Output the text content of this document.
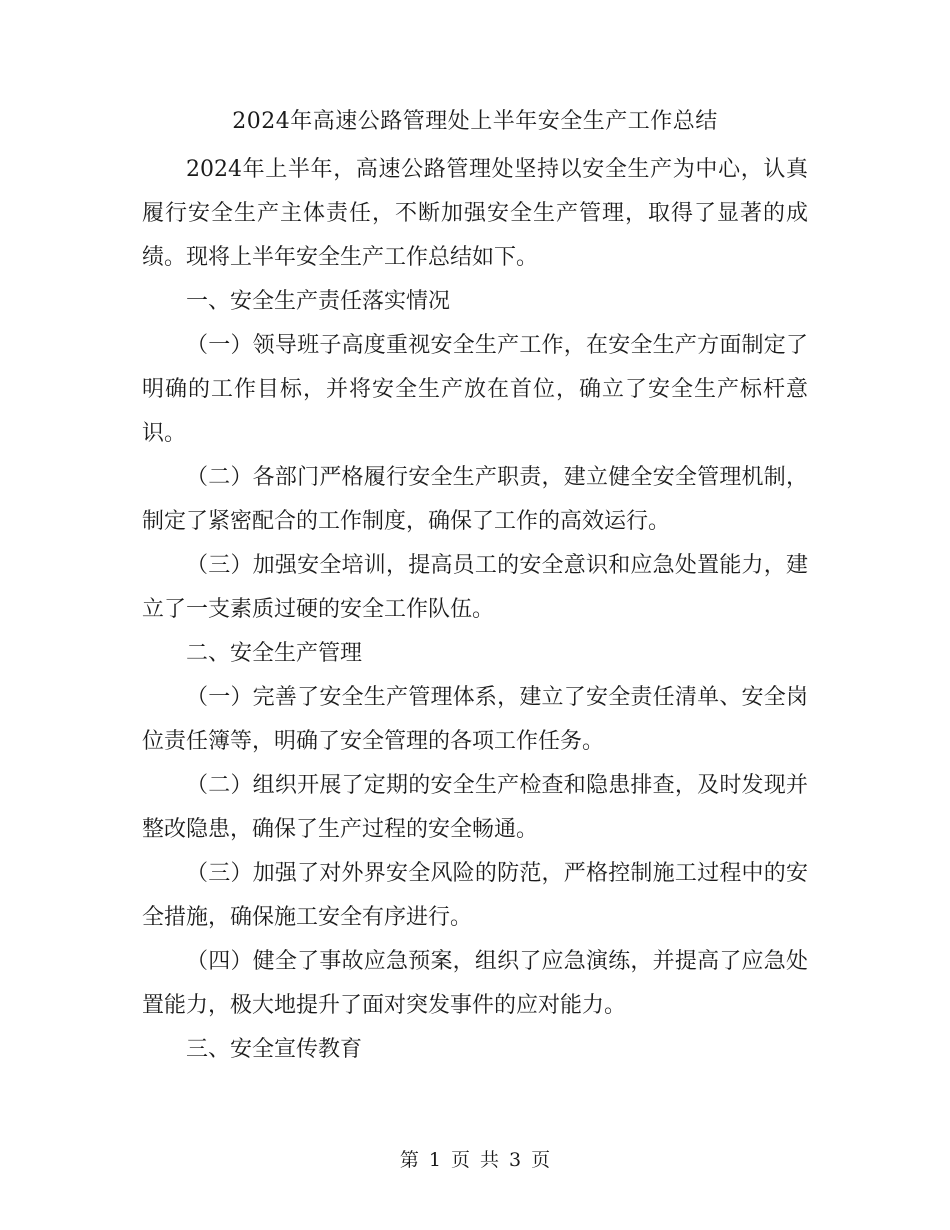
2024年高速公路管理处上半年安全生产工作总结

2024年上半年，高速公路管理处坚持以安全生产为中心，认真履行安全生产主体责任，不断加强安全生产管理，取得了显著的成绩。现将上半年安全生产工作总结如下。

一、安全生产责任落实情况

（一）领导班子高度重视安全生产工作，在安全生产方面制定了明确的工作目标，并将安全生产放在首位，确立了安全生产标杆意识。

（二）各部门严格履行安全生产职责，建立健全安全管理机制，制定了紧密配合的工作制度，确保了工作的高效运行。

（三）加强安全培训，提高员工的安全意识和应急处置能力，建立了一支素质过硬的安全工作队伍。

二、安全生产管理

（一）完善了安全生产管理体系，建立了安全责任清单、安全岗位责任簿等，明确了安全管理的各项工作任务。

（二）组织开展了定期的安全生产检查和隐患排查，及时发现并整改隐患，确保了生产过程的安全畅通。

（三）加强了对外界安全风险的防范，严格控制施工过程中的安全措施，确保施工安全有序进行。

（四）健全了事故应急预案，组织了应急演练，并提高了应急处置能力，极大地提升了面对突发事件的应对能力。

三、安全宣传教育

第 1 页 共 3 页
